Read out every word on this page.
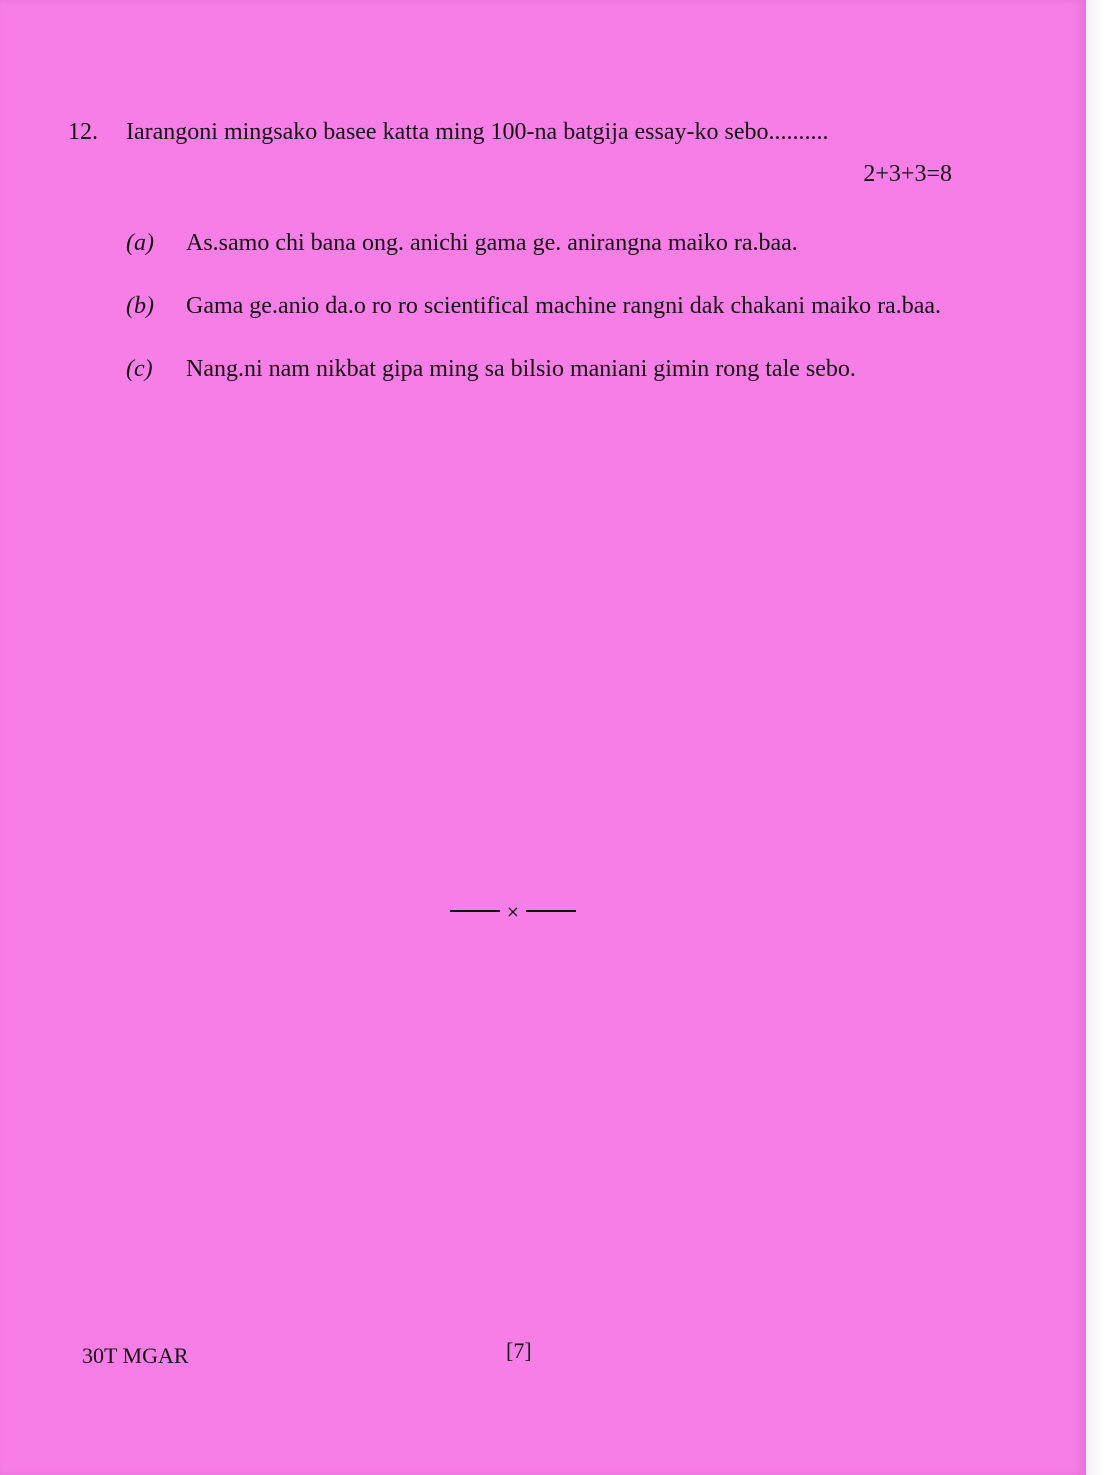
12.	Iarangoni mingsako basee katta ming 100-na batgija essay-ko sebo..........
2+3+3=8
(a)	As.samo chi bana ong. anichi gama ge. anirangna maiko ra.baa.
(b)	Gama ge.anio da.o ro ro scientifical machine rangni dak chakani maiko ra.baa.
(c)	Nang.ni nam nikbat gipa ming sa bilsio maniani gimin rong tale sebo.
×
30T MGAR	[7]
